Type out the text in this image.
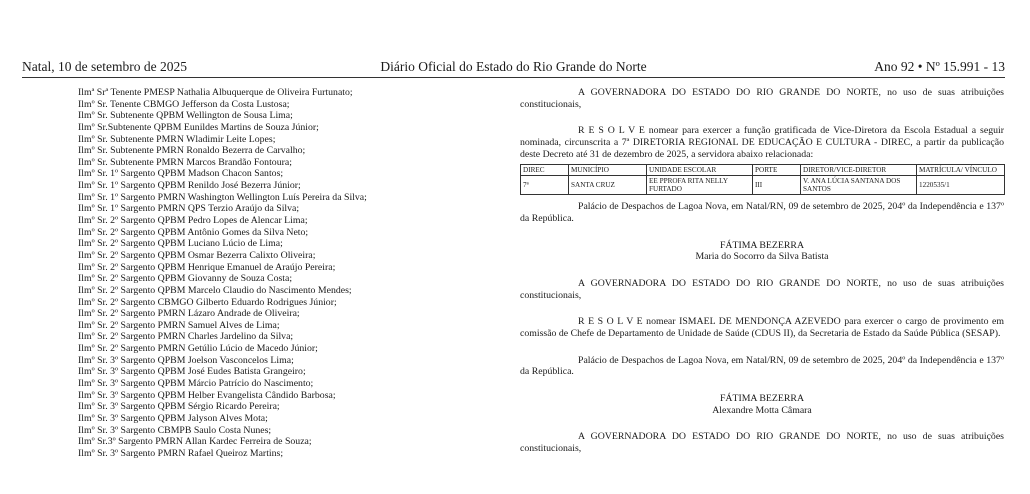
Natal, 10 de setembro de 2025	Diário Oficial do Estado do Rio Grande do Norte	Ano 92 • Nº 15.991 - 13
Ilmª Srª Tenente PMESP Nathalia Albuquerque de Oliveira Furtunato;
Ilmº Sr. Tenente CBMGO Jefferson da Costa Lustosa;
Ilmº Sr. Subtenente QPBM Wellington de Sousa Lima;
Ilmº Sr.Subtenente QPBM Eunildes Martins de Souza Júnior;
Ilmº Sr. Subtenente PMRN Wladimir Leite Lopes;
Ilmº Sr. Subtenente PMRN Ronaldo Bezerra de Carvalho;
Ilmº Sr. Subtenente PMRN Marcos Brandão Fontoura;
Ilmº Sr. 1º Sargento QPBM Madson Chacon Santos;
Ilmº Sr. 1º Sargento QPBM Renildo José Bezerra Júnior;
Ilmº Sr. 1º Sargento PMRN Washington Wellington Luís Pereira da Silva;
Ilmº Sr. 1º Sargento PMRN QPS Terzio Araújo da Silva;
Ilmº Sr. 2º Sargento QPBM Pedro Lopes de Alencar Lima;
Ilmº Sr. 2º Sargento QPBM Antônio Gomes da Silva Neto;
Ilmº Sr. 2º Sargento QPBM Luciano Lúcio de Lima;
Ilmº Sr. 2º Sargento QPBM Osmar Bezerra Calixto Oliveira;
Ilmº Sr. 2º Sargento QPBM Henrique Emanuel de Araújo Pereira;
Ilmº Sr. 2º Sargento QPBM Giovanny de Souza Costa;
Ilmº Sr. 2º Sargento QPBM Marcelo Claudio do Nascimento Mendes;
Ilmº Sr. 2º Sargento CBMGO Gilberto Eduardo Rodrigues Júnior;
Ilmº Sr. 2º Sargento PMRN Lázaro Andrade de Oliveira;
Ilmº Sr. 2º Sargento PMRN Samuel Alves de Lima;
Ilmº Sr. 2º Sargento PMRN Charles Jardelino da Silva;
Ilmº Sr. 2º Sargento PMRN Getúlio Lúcio de Macedo Júnior;
Ilmº Sr. 3º Sargento QPBM Joelson Vasconcelos Lima;
Ilmº Sr. 3º Sargento QPBM José Eudes Batista Grangeiro;
Ilmº Sr. 3º Sargento QPBM Márcio Patrício do Nascimento;
Ilmº Sr. 3º Sargento QPBM Helber Evangelista Cândido Barbosa;
Ilmº Sr. 3º Sargento QPBM Sérgio Ricardo Pereira;
Ilmº Sr. 3º Sargento QPBM Jalyson Alves Mota;
Ilmº Sr. 3º Sargento CBMPB Saulo Costa Nunes;
Ilmº Sr.3º Sargento PMRN Allan Kardec Ferreira de Souza;
Ilmº Sr. 3º Sargento PMRN Rafael Queiroz Martins;

A GOVERNADORA DO ESTADO DO RIO GRANDE DO NORTE, no uso de suas atribuições constitucionais,

R E S O L V E nomear para exercer a função gratificada de Vice-Diretora da Escola Estadual a seguir nominada, circunscrita a 7ª DIRETORIA REGIONAL DE EDUCAÇÃO E CULTURA - DIREC, a partir da publicação deste Decreto até 31 de dezembro de 2025, a servidora abaixo relacionada:

DIREC	MUNICÍPIO	UNIDADE ESCOLAR	PORTE	DIRETOR/VICE-DIRETOR	MATRÍCULA/ VÍNCULO
7ª	SANTA CRUZ	EE PPROFA RITA NELLY FURTADO	III	V. ANA LÚCIA SANTANA DOS SANTOS	1220535/1

Palácio de Despachos de Lagoa Nova, em Natal/RN, 09 de setembro de 2025, 204º da Independência e 137º da República.

FÁTIMA BEZERRA

Maria do Socorro da Silva Batista

A GOVERNADORA DO ESTADO DO RIO GRANDE DO NORTE, no uso de suas atribuições constitucionais,

R E S O L V E nomear ISMAEL DE MENDONÇA AZEVEDO para exercer o cargo de provimento em comissão de Chefe de Departamento de Unidade de Saúde (CDUS II), da Secretaria de Estado da Saúde Pública (SESAP).

Palácio de Despachos de Lagoa Nova, em Natal/RN, 09 de setembro de 2025, 204º da Independência e 137º da República.

FÁTIMA BEZERRA

Alexandre Motta Câmara

A GOVERNADORA DO ESTADO DO RIO GRANDE DO NORTE, no uso de suas atribuições constitucionais,
